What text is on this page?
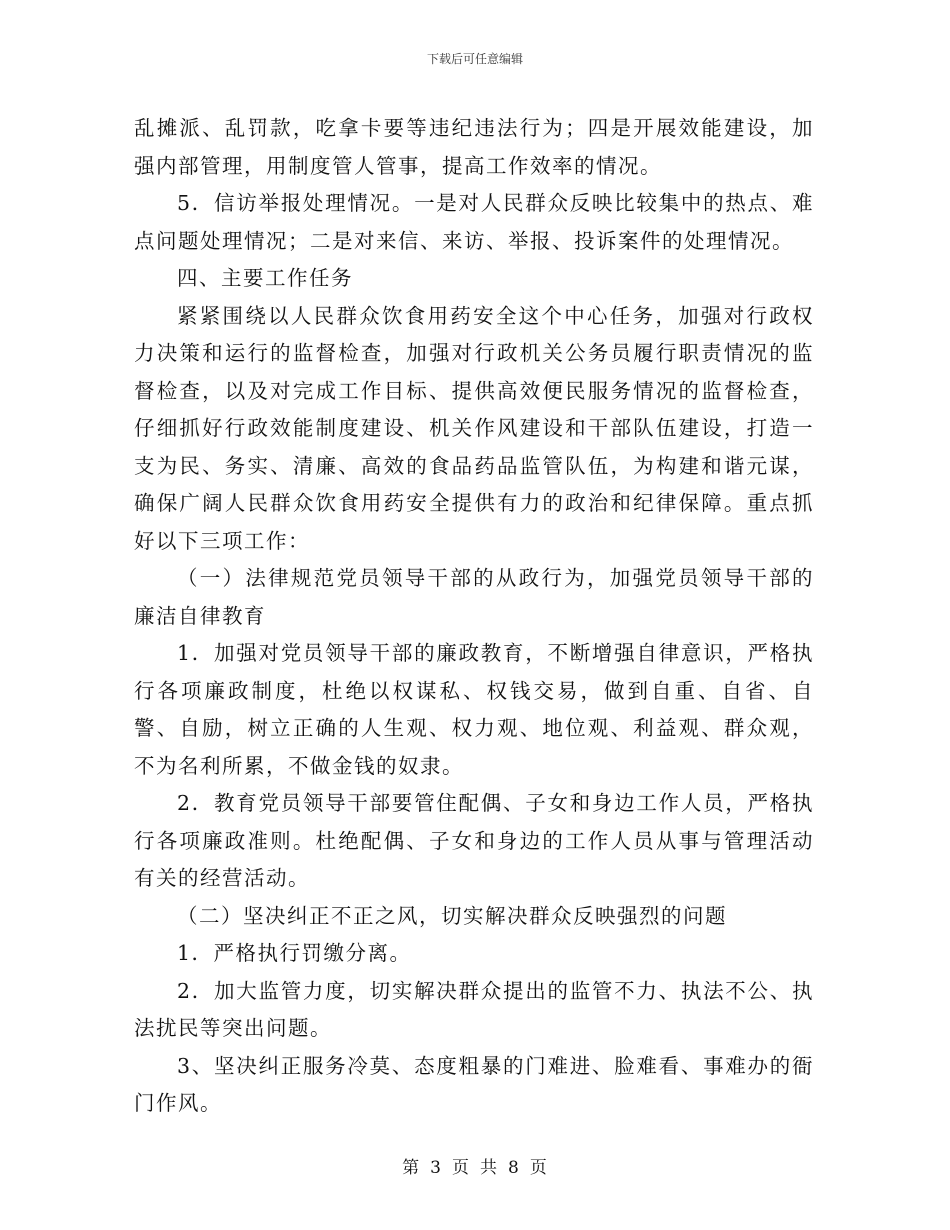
下载后可任意编辑

乱摊派、乱罚款，吃拿卡要等违纪违法行为；四是开展效能建设，加强内部管理，用制度管人管事，提高工作效率的情况。

5．信访举报处理情况。一是对人民群众反映比较集中的热点、难点问题处理情况；二是对来信、来访、举报、投诉案件的处理情况。

四、主要工作任务

紧紧围绕以人民群众饮食用药安全这个中心任务，加强对行政权力决策和运行的监督检查，加强对行政机关公务员履行职责情况的监督检查，以及对完成工作目标、提供高效便民服务情况的监督检查，仔细抓好行政效能制度建设、机关作风建设和干部队伍建设，打造一支为民、务实、清廉、高效的食品药品监管队伍，为构建和谐元谋，确保广阔人民群众饮食用药安全提供有力的政治和纪律保障。重点抓好以下三项工作：

（一）法律规范党员领导干部的从政行为，加强党员领导干部的廉洁自律教育

1．加强对党员领导干部的廉政教育，不断增强自律意识，严格执行各项廉政制度，杜绝以权谋私、权钱交易，做到自重、自省、自警、自励，树立正确的人生观、权力观、地位观、利益观、群众观，不为名利所累，不做金钱的奴隶。

2．教育党员领导干部要管住配偶、子女和身边工作人员，严格执行各项廉政准则。杜绝配偶、子女和身边的工作人员从事与管理活动有关的经营活动。

（二）坚决纠正不正之风，切实解决群众反映强烈的问题

1．严格执行罚缴分离。

2．加大监管力度，切实解决群众提出的监管不力、执法不公、执法扰民等突出问题。

3、坚决纠正服务冷莫、态度粗暴的门难进、脸难看、事难办的衙门作风。

第 3 页 共 8 页
